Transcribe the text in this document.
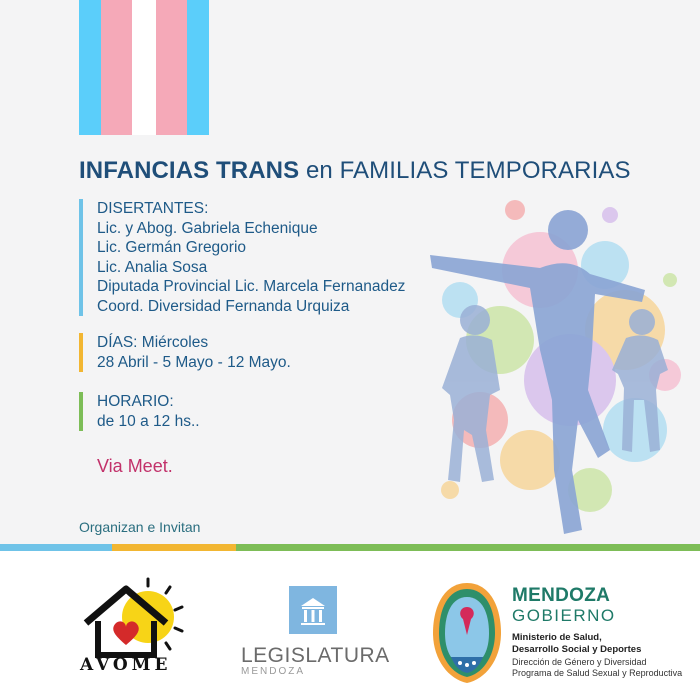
INFANCIAS TRANS en FAMILIAS TEMPORARIAS
DISERTANTES:
Lic. y Abog. Gabriela Echenique
Lic. Germán Gregorio
Lic. Analia Sosa
Diputada Provincial Lic. Marcela Fernanadez
Coord. Diversidad Fernanda Urquiza
DÍAS: Miércoles
28 Abril - 5 Mayo - 12 Mayo.
HORARIO:
de 10 a 12 hs..
Via Meet.
Organizan e Invitan
AVOME	LEGISLATURA
MENDOZA
MENDOZA
GOBIERNO
Ministerio de Salud,
Desarrollo Social y Deportes
Dirección de Género y Diversidad
Programa de Salud Sexual y Reproductiva
